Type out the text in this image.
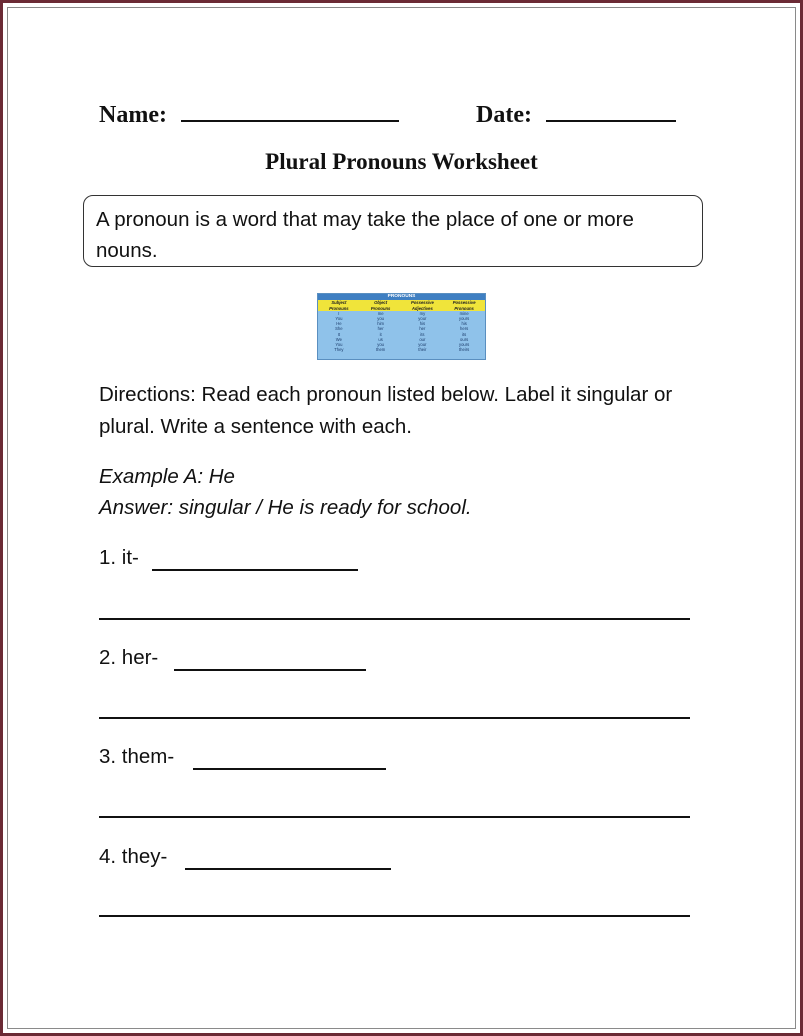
Name:	Date:
Plural Pronouns Worksheet
A pronoun is a word that may take the place of one or more nouns.
PRONOUNS			
Subject	Object	Possessive	Possessive
Pronouns	Pronouns	Adjectives	Pronouns
I	me	my	mine
You	you	your	yours
He	him	his	his
She	her	her	hers
It	it	its	its
We	us	our	ours
You	you	your	yours
They	them	their	theirs
Directions: Read each pronoun listed below. Label it singular or plural. Write a sentence with each.
Example A: He
Answer: singular / He is ready for school.
1. it-
2. her-
3. them-
4. they-
